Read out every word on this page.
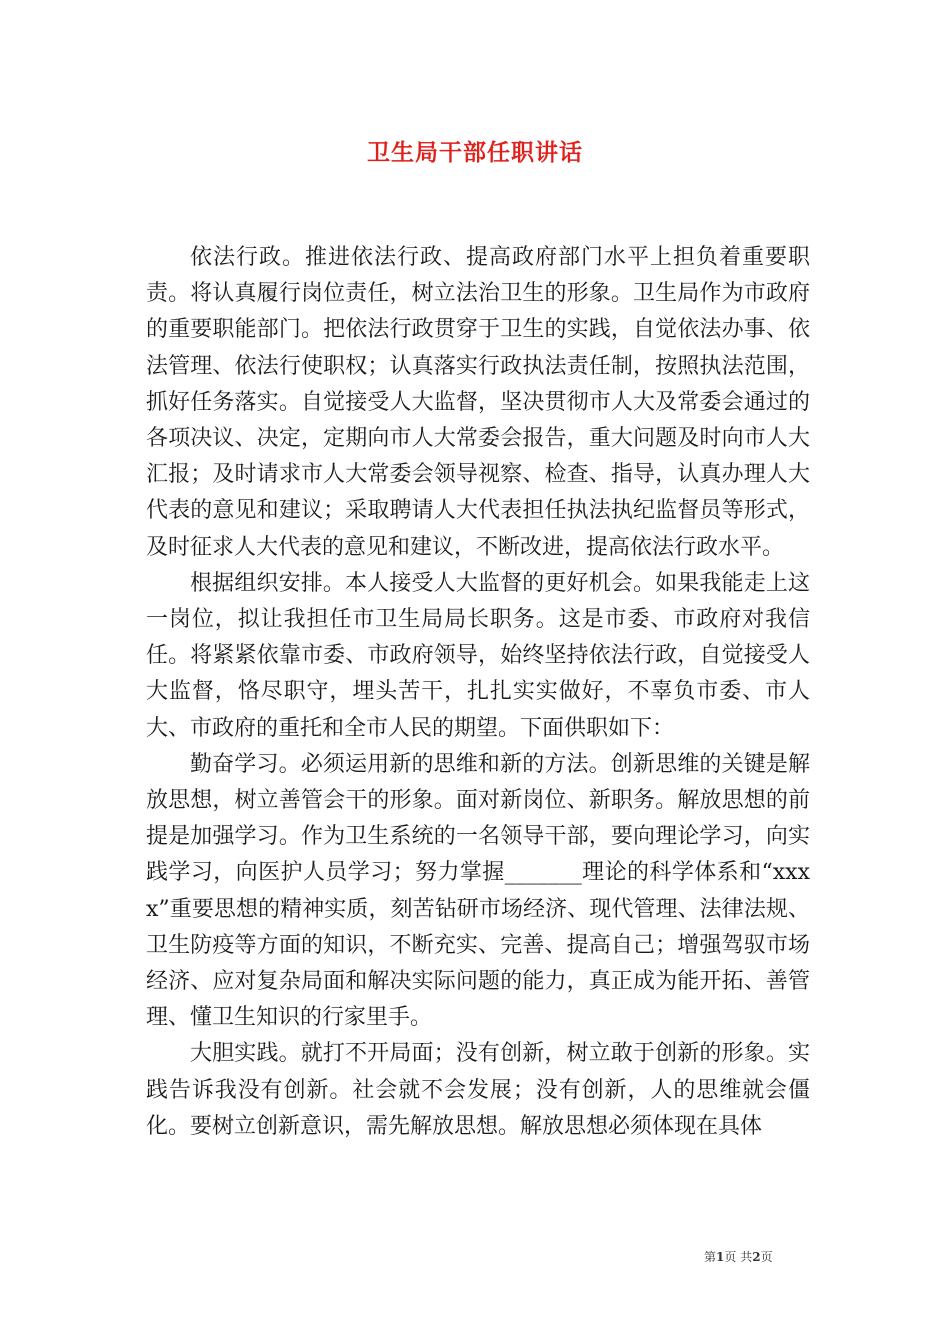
卫生局干部任职讲话

依法行政。推进依法行政、提高政府部门水平上担负着重要职责。将认真履行岗位责任，树立法治卫生的形象。卫生局作为市政府的重要职能部门。把依法行政贯穿于卫生的实践，自觉依法办事、依法管理、依法行使职权；认真落实行政执法责任制，按照执法范围，抓好任务落实。自觉接受人大监督，坚决贯彻市人大及常委会通过的各项决议、决定，定期向市人大常委会报告，重大问题及时向市人大汇报；及时请求市人大常委会领导视察、检查、指导，认真办理人大代表的意见和建议；采取聘请人大代表担任执法执纪监督员等形式，及时征求人大代表的意见和建议，不断改进，提高依法行政水平。

根据组织安排。本人接受人大监督的更好机会。如果我能走上这一岗位，拟让我担任市卫生局局长职务。这是市委、市政府对我信任。将紧紧依靠市委、市政府领导，始终坚持依法行政，自觉接受人大监督，恪尽职守，埋头苦干，扎扎实实做好，不辜负市委、市人大、市政府的重托和全市人民的期望。下面供职如下：

勤奋学习。必须运用新的思维和新的方法。创新思维的关键是解放思想，树立善管会干的形象。面对新岗位、新职务。解放思想的前提是加强学习。作为卫生系统的一名领导干部，要向理论学习，向实践学习，向医护人员学习；努力掌握_______理论的科学体系和“xxxx”重要思想的精神实质，刻苦钻研市场经济、现代管理、法律法规、卫生防疫等方面的知识，不断充实、完善、提高自己；增强驾驭市场经济、应对复杂局面和解决实际问题的能力，真正成为能开拓、善管理、懂卫生知识的行家里手。

大胆实践。就打不开局面；没有创新，树立敢于创新的形象。实践告诉我没有创新。社会就不会发展；没有创新，人的思维就会僵化。要树立创新意识，需先解放思想。解放思想必须体现在具体

第1页 共2页
